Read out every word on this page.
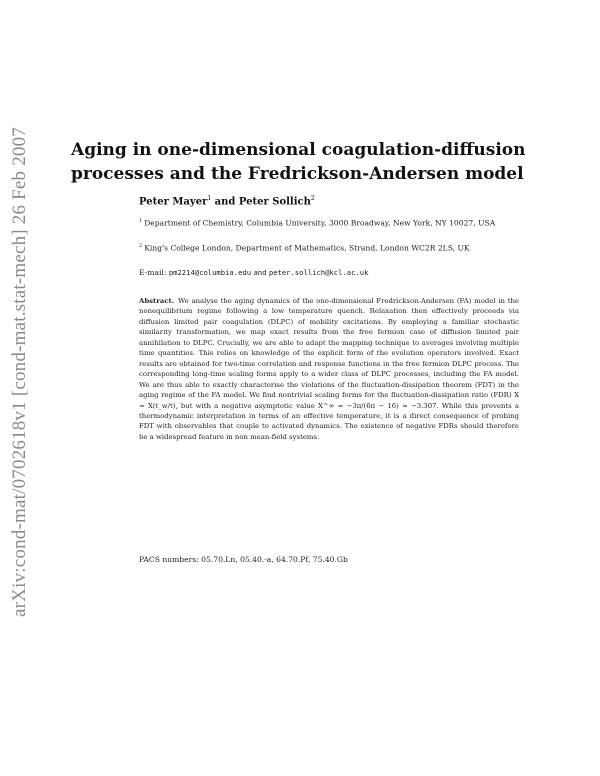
arXiv:cond-mat/0702618v1 [cond-mat.stat-mech] 26 Feb 2007 Aging in one-dimensional coagulation-diffusion
processes and the Fredrickson-Andersen model
Peter Mayer$^1$ and Peter Sollich$^2$
$^1$ Department of Chemistry, Columbia University, 3000 Broadway, New York, NY 10027, USA
$^2$ King's College London, Department of Mathematics, Strand, London WC2R 2LS, UK
E-mail: pm2214@columbia.edu and peter.sollich@kcl.ac.uk
Abstract. We analyse the aging dynamics of the one-dimensional Fredrickson-Andersen (FA) model in the nonequilibrium regime following a low temperature quench. Relaxation then effectively proceeds via diffusion limited pair coagulation (DLPC) of mobility excitations. By employing a familiar stochastic similarity transformation, we map exact results from the free fermion case of diffusion limited pair annihilation to DLPC. Crucially, we are able to adapt the mapping technique to averages involving multiple time quantities. This relies on knowledge of the explicit form of the evolution operators involved. Exact results are obtained for two-time correlation and response functions in the free fermion DLPC process. The corresponding long-time scaling forms apply to a wider class of DLPC processes, including the FA model. We are thus able to exactly characterise the violations of the fluctuation-dissipation theorem (FDT) in the aging regime of the FA model. We find nontrivial scaling forms for the fluctuation-dissipation ratio (FDR) X = X(t_w/t), but with a negative asymptotic value X^∞ = −3π/(6π − 16) ≈ −3.307. While this prevents a thermodynamic interpretation in terms of an effective temperature, it is a direct consequence of probing FDT with observables that couple to activated dynamics. The existence of negative FDRs should therefore be a widespread feature in non mean-field systems.
PACS numbers: 05.70.Ln, 05.40.-a, 64.70.Pf, 75.40.Gb
